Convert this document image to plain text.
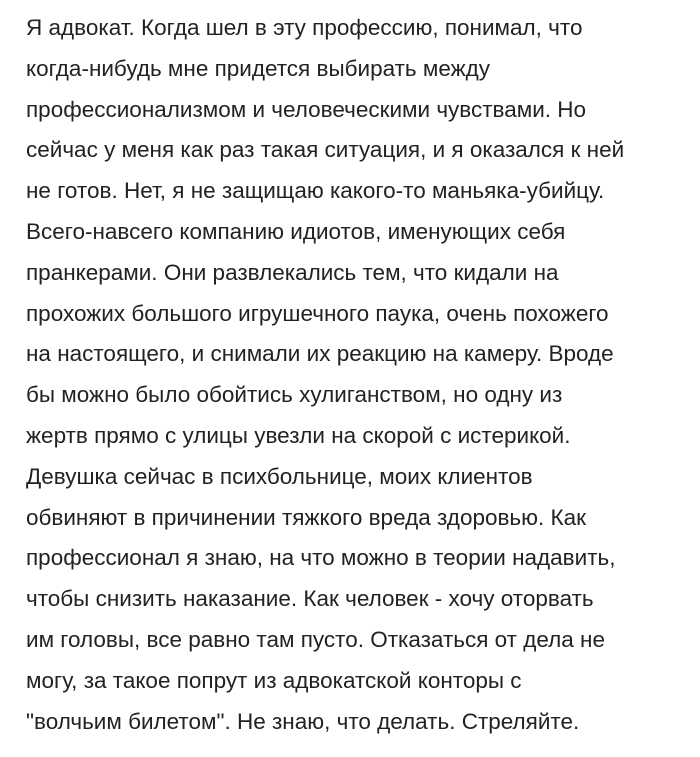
Я адвокат. Когда шел в эту профессию, понимал, что
когда-нибудь мне придется выбирать между
профессионализмом и человеческими чувствами. Но
сейчас у меня как раз такая ситуация, и я оказался к ней
не готов. Нет, я не защищаю какого-то маньяка-убийцу.
Всего-навсего компанию идиотов, именующих себя
пранкерами. Они развлекались тем, что кидали на
прохожих большого игрушечного паука, очень похожего
на настоящего, и снимали их реакцию на камеру. Вроде
бы можно было обойтись хулиганством, но одну из
жертв прямо с улицы увезли на скорой с истерикой.
Девушка сейчас в психбольнице, моих клиентов
обвиняют в причинении тяжкого вреда здоровью. Как
профессионал я знаю, на что можно в теории надавить,
чтобы снизить наказание. Как человек - хочу оторвать
им головы, все равно там пусто. Отказаться от дела не
могу, за такое попрут из адвокатской конторы с
"волчьим билетом". Не знаю, что делать. Стреляйте.
